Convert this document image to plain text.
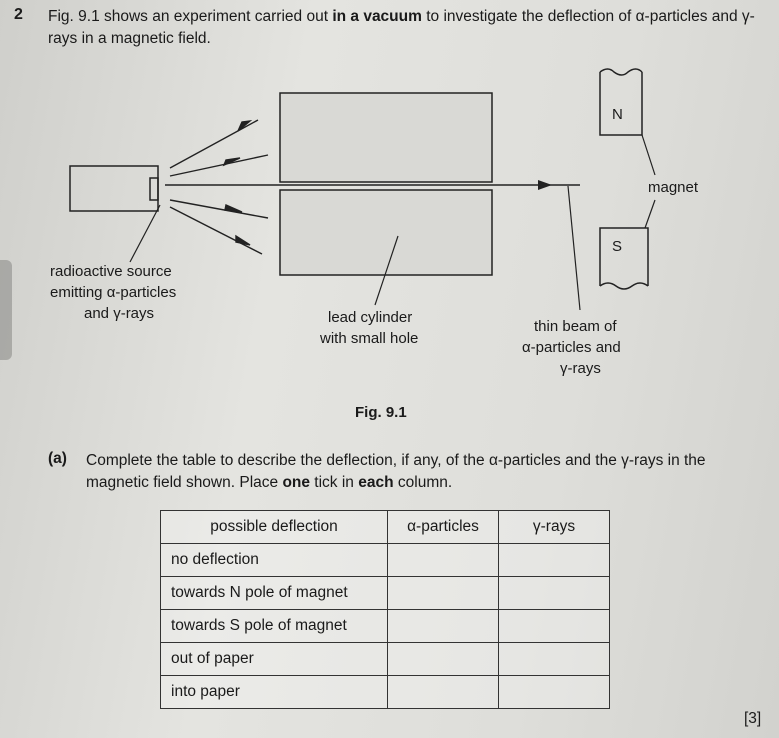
2 Fig. 9.1 shows an experiment carried out in a vacuum to investigate the deflection of α-particles and γ-rays in a magnetic field.
N
S
magnet
radioactive source
emitting α-particles
and γ-rays	lead cylinder
with small hole
thin beam of
α-particles and
γ-rays
Fig. 9.1
(a) Complete the table to describe the deflection, if any, of the α-particles and the γ-rays in the magnetic field shown. Place one tick in each column.
possible deflection	α-particles	γ-rays
no deflection		
towards N pole of magnet		
towards S pole of magnet		
out of paper		
into paper		
[3]
